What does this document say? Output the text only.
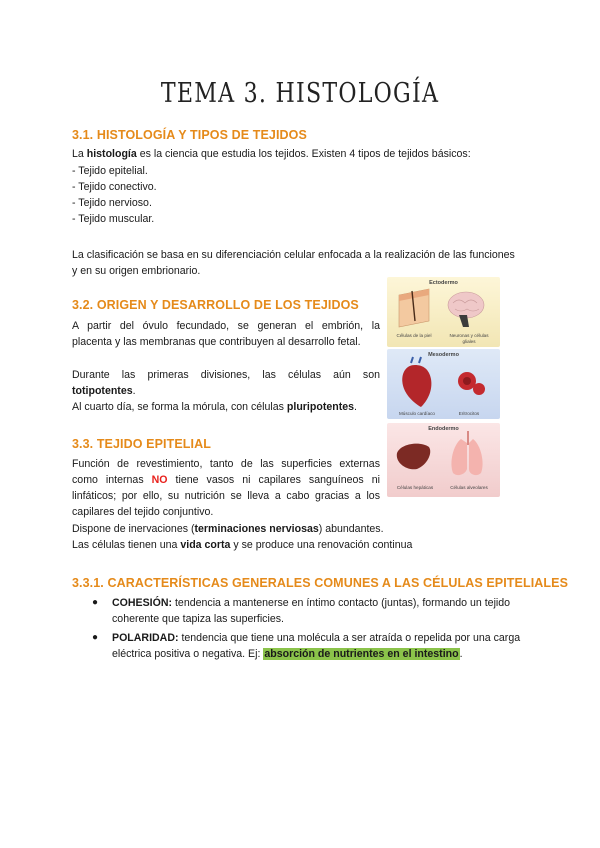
TEMA 3. HISTOLOGÍA
3.1. HISTOLOGÍA Y TIPOS DE TEJIDOS
La histología es la ciencia que estudia los tejidos. Existen 4 tipos de tejidos básicos:
- Tejido epitelial.
- Tejido conectivo.
- Tejido nervioso.
- Tejido muscular.
La clasificación se basa en su diferenciación celular enfocada a la realización de las funciones
y en su origen embrionario.
3.2. ORIGEN Y DESARROLLO DE LOS TEJIDOS
A partir del óvulo fecundado, se generan el embrión, la
placenta y las membranas que contribuyen al desarrollo fetal.
Durante las primeras divisiones, las células aún son
totipotentes.
Al cuarto día, se forma la mórula, con células pluripotentes.
3.3. TEJIDO EPITELIAL
Función de revestimiento, tanto de las superficies externas
como internas NO tiene vasos ni capilares sanguíneos ni
linfáticos; por ello, su nutrición se lleva a cabo gracias a los
capilares del tejido conjuntivo.
Dispone de inervaciones (terminaciones nerviosas) abundantes.
Las células tienen una vida corta y se produce una renovación continua
3.3.1. CARACTERÍSTICAS GENERALES COMUNES A LAS CÉLULAS EPITELIALES
● COHESIÓN: tendencia a mantenerse en íntimo contacto (juntas), formando un tejido coherente que tapiza las superficies.
● POLARIDAD: tendencia que tiene una molécula a ser atraída o repelida por una carga eléctrica positiva o negativa. Ej: absorción de nutrientes en el intestino.
Ectodermo
Células de la piel	Neuronas y células gliales
Mesodermo
Músculo cardíaco	Eritrocitos
Endodermo
Células hepáticas	Células alveolares
